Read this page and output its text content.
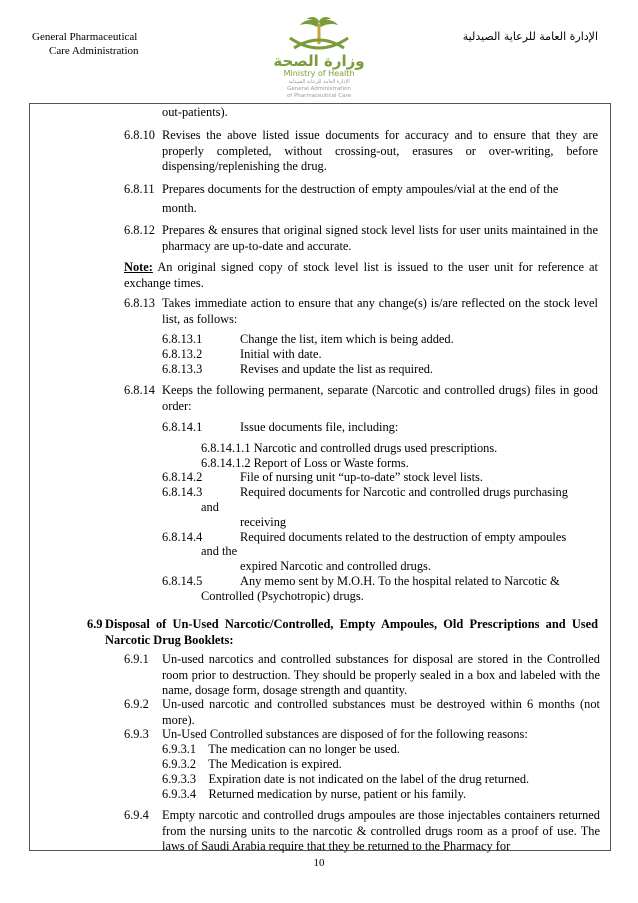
General Pharmaceutical
Care Administration
الإدارة العامة للرعاية الصيدلية
وزارة الصحة
Ministry of Health
الإدارة العامة للرعاية الصيدلية
General Administration
of Pharmaceutical Care
out-patients).
6.8.10 Revises the above listed issue documents for accuracy and to ensure that they are properly completed, without crossing-out, erasures or over-writing, before dispensing/replenishing the drug.
6.8.11 Prepares documents for the destruction of empty ampoules/vial at the end of the
month.
6.8.12 Prepares & ensures that original signed stock level lists for user units maintained in the pharmacy are up-to-date and accurate.
Note: An original signed copy of stock level list is issued to the user unit for reference at exchange times.
6.8.13 Takes immediate action to ensure that any change(s) is/are reflected on the stock level list, as follows:
6.8.13.1	Change the list, item which is being added.
6.8.13.2	Initial with date.
6.8.13.3	Revises and update the list as required.
6.8.14 Keeps the following permanent, separate (Narcotic and controlled drugs) files in good order:
6.8.14.1	Issue documents file, including:
6.8.14.1.1 Narcotic and controlled drugs used prescriptions.
6.8.14.1.2 Report of Loss or Waste forms.
6.8.14.2	File of nursing unit “up-to-date” stock level lists.
6.8.14.3	Required documents for Narcotic and controlled drugs purchasing
and
receiving
6.8.14.4	Required documents related to the destruction of empty ampoules
and the
expired Narcotic and controlled drugs.
6.8.14.5	Any memo sent by M.O.H. To the hospital related to Narcotic &
Controlled (Psychotropic) drugs.
6.9 Disposal of Un-Used Narcotic/Controlled, Empty Ampoules, Old Prescriptions and Used Narcotic Drug Booklets:
6.9.1 Un-used narcotics and controlled substances for disposal are stored in the Controlled room prior to destruction. They should be properly sealed in a box and labeled with the name, dosage form, dosage strength and quantity.
6.9.2 Un-used narcotic and controlled substances must be destroyed within 6 months (not more).
6.9.3 Un-Used Controlled substances are disposed of for the following reasons:
6.9.3.1    The medication can no longer be used.
6.9.3.2    The Medication is expired.
6.9.3.3    Expiration date is not indicated on the label of the drug returned.
6.9.3.4    Returned medication by nurse, patient or his family.
6.9.4 Empty narcotic and controlled drugs ampoules are those injectables containers returned from the nursing units to the narcotic & controlled drugs room as a proof of use. The laws of Saudi Arabia require that they be returned to the Pharmacy for
10
